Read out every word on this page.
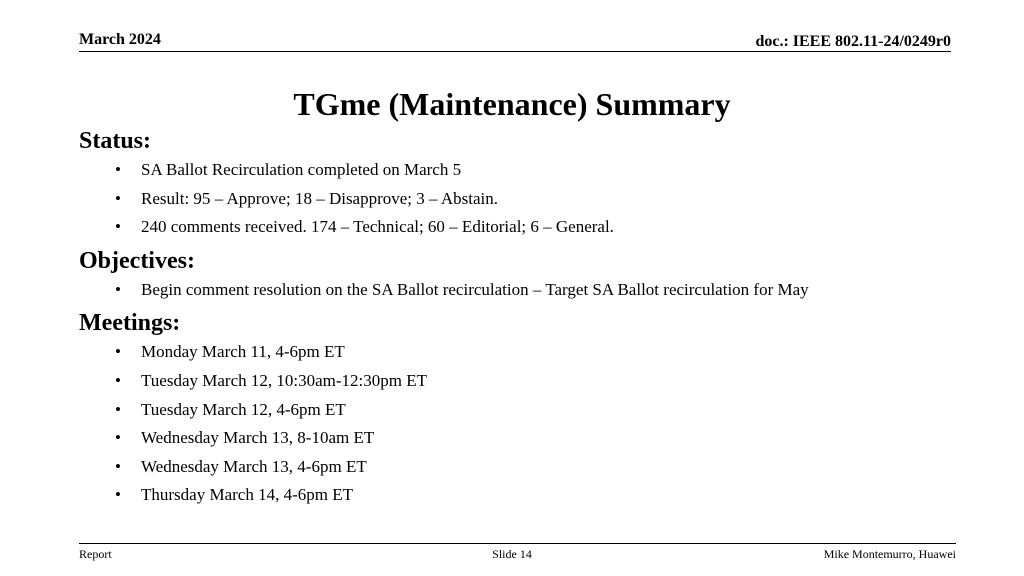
March 2024	doc.: IEEE 802.11-24/0249r0
TGme (Maintenance) Summary

Status:

• SA Ballot Recirculation completed on March 5
• Result: 95 – Approve; 18 – Disapprove; 3 – Abstain.
• 240 comments received. 174 – Technical; 60 – Editorial; 6 – General.

Objectives:

• Begin comment resolution on the SA Ballot recirculation – Target SA Ballot recirculation for May

Meetings:

• Monday March 11, 4-6pm ET
• Tuesday March 12, 10:30am-12:30pm ET
• Tuesday March 12, 4-6pm ET
• Wednesday March 13, 8-10am ET
• Wednesday March 13, 4-6pm ET
• Thursday March 14, 4-6pm ET
Report	Slide 14	Mike Montemurro, Huawei
